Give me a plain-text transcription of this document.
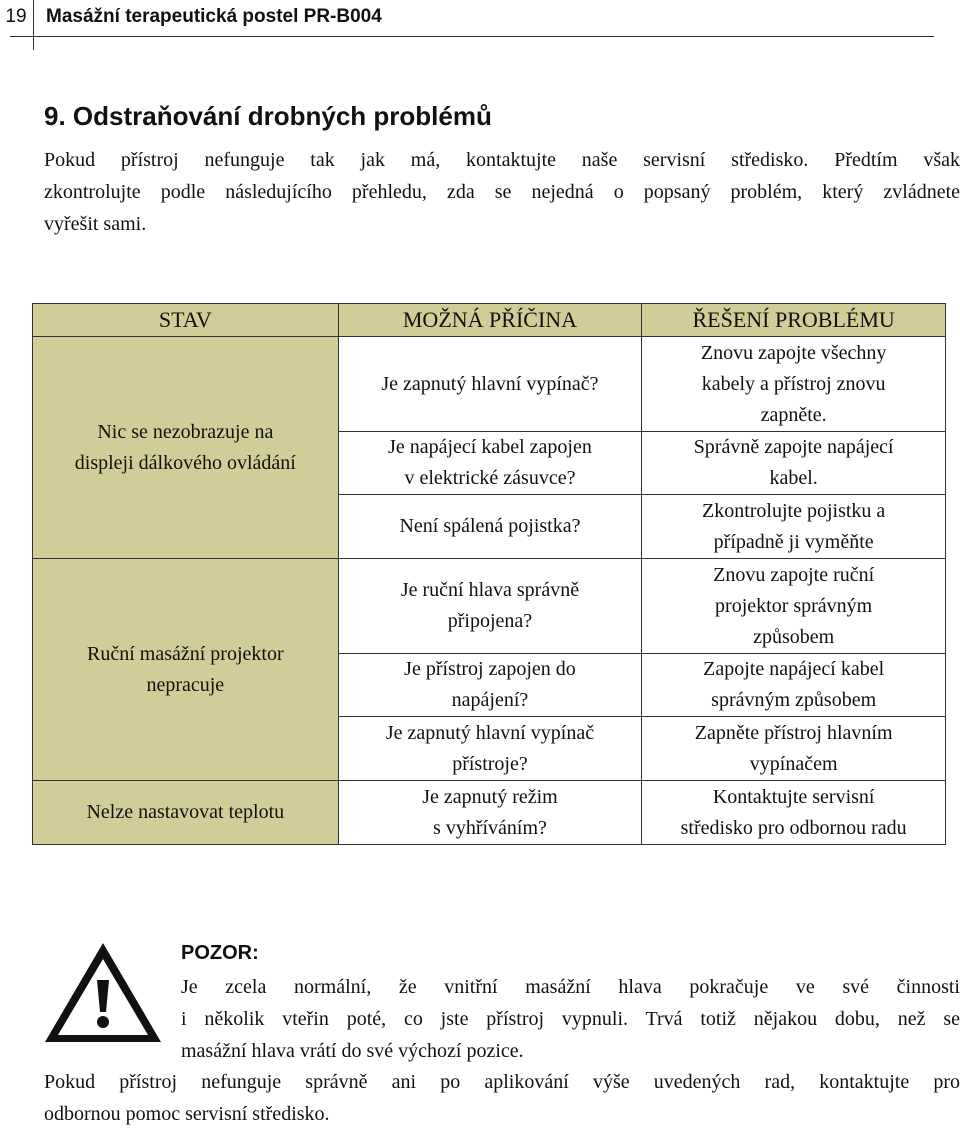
19 Masážní terapeutická postel PR-B004
9. Odstraňování drobných problémů
Pokud přístroj nefunguje tak jak má, kontaktujte naše servisní středisko. Předtím však
zkontrolujte podle následujícího přehledu, zda se nejedná o popsaný problém, který zvládnete
vyřešit sami.
STAV	MOŽNÁ PŘÍČINA	ŘEŠENÍ PROBLÉMU
Nic se nezobrazuje na
displeji dálkového ovládání	Je zapnutý hlavní vypínač?	Znovu zapojte všechny
kabely a přístroj znovu
zapněte.
	Je napájecí kabel zapojen
v elektrické zásuvce?	Správně zapojte napájecí
kabel.
	Není spálená pojistka?	Zkontrolujte pojistku a
případně ji vyměňte
Ruční masážní projektor
nepracuje	Je ruční hlava správně
připojena?	Znovu zapojte ruční
projektor správným
způsobem
	Je přístroj zapojen do
napájení?	Zapojte napájecí kabel
správným způsobem
	Je zapnutý hlavní vypínač
přístroje?	Zapněte přístroj hlavním
vypínačem
Nelze nastavovat teplotu	Je zapnutý režim
s vyhříváním?	Kontaktujte servisní
středisko pro odbornou radu
POZOR:
Je zcela normální, že vnitřní masážní hlava pokračuje ve své činnosti
i několik vteřin poté, co jste přístroj vypnuli. Trvá totiž nějakou dobu, než se
masážní hlava vrátí do své výchozí pozice.
Pokud přístroj nefunguje správně ani po aplikování výše uvedených rad, kontaktujte pro
odbornou pomoc servisní středisko.
